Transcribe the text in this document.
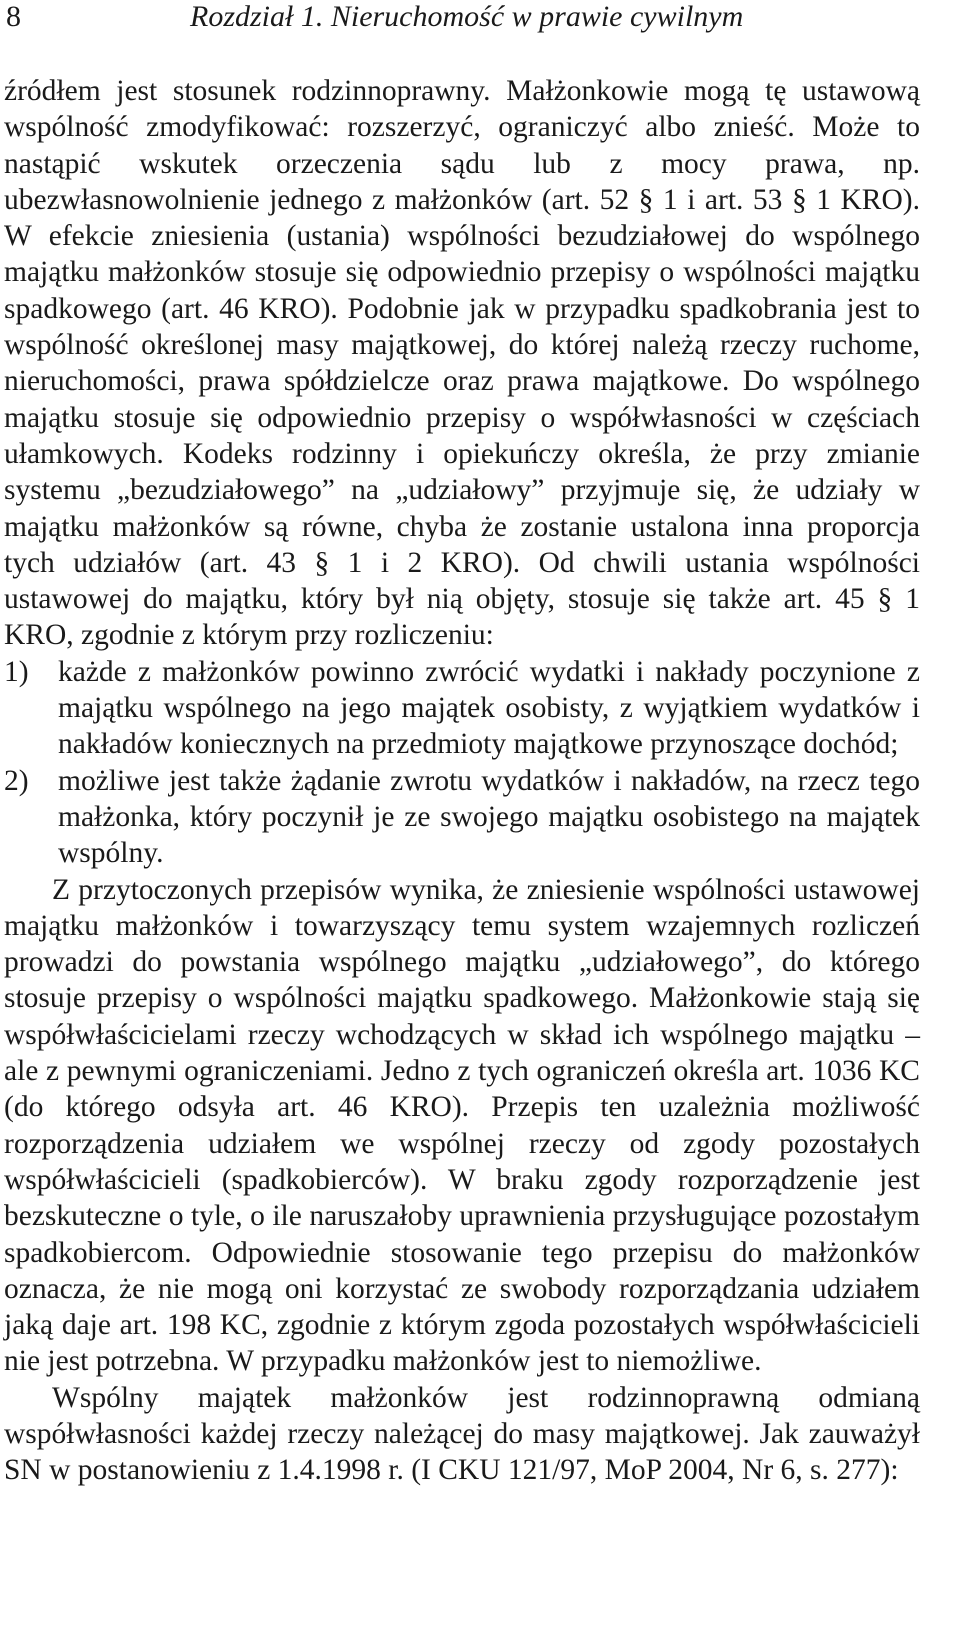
8	Rozdział 1. Nieruchomość w prawie cywilnym

źródłem jest stosunek rodzinnoprawny. Małżonkowie mogą tę ustawową wspólność zmodyfikować: rozszerzyć, ograniczyć albo znieść. Może to nastąpić wskutek orzeczenia sądu lub z mocy prawa, np. ubezwłasnowolnienie jednego z małżonków (art. 52 § 1 i art. 53 § 1 KRO). W efekcie zniesienia (ustania) wspólności bezudziałowej do wspólnego majątku małżonków stosuje się odpowiednio przepisy o wspólności majątku spadkowego (art. 46 KRO). Podobnie jak w przypadku spadkobrania jest to wspólność określonej masy majątkowej, do której należą rzeczy ruchome, nieruchomości, prawa spółdzielcze oraz prawa majątkowe. Do wspólnego majątku stosuje się odpowiednio przepisy o współwłasności w częściach ułamkowych. Kodeks rodzinny i opiekuńczy określa, że przy zmianie systemu „bezudziałowego” na „udziałowy” przyjmuje się, że udziały w majątku małżonków są równe, chyba że zostanie ustalona inna proporcja tych udziałów (art. 43 § 1 i 2 KRO). Od chwili ustania wspólności ustawowej do majątku, który był nią objęty, stosuje się także art. 45 § 1 KRO, zgodnie z którym przy rozliczeniu:

1) każde z małżonków powinno zwrócić wydatki i nakłady poczynione z majątku wspólnego na jego majątek osobisty, z wyjątkiem wydatków i nakładów koniecznych na przedmioty majątkowe przynoszące dochód;
2) możliwe jest także żądanie zwrotu wydatków i nakładów, na rzecz tego małżonka, który poczynił je ze swojego majątku osobistego na majątek wspólny.

Z przytoczonych przepisów wynika, że zniesienie wspólności ustawowej majątku małżonków i towarzyszący temu system wzajemnych rozliczeń prowadzi do powstania wspólnego majątku „udziałowego”, do którego stosuje przepisy o wspólności majątku spadkowego. Małżonkowie stają się współwłaścicielami rzeczy wchodzących w skład ich wspólnego majątku – ale z pewnymi ograniczeniami. Jedno z tych ograniczeń określa art. 1036 KC (do którego odsyła art. 46 KRO). Przepis ten uzależnia możliwość rozporządzenia udziałem we wspólnej rzeczy od zgody pozostałych współwłaścicieli (spadkobierców). W braku zgody rozporządzenie jest bezskuteczne o tyle, o ile naruszałoby uprawnienia przysługujące pozostałym spadkobiercom. Odpowiednie stosowanie tego przepisu do małżonków oznacza, że nie mogą oni korzystać ze swobody rozporządzania udziałem jaką daje art. 198 KC, zgodnie z którym zgoda pozostałych współwłaścicieli nie jest potrzebna. W przypadku małżonków jest to niemożliwe.

Wspólny majątek małżonków jest rodzinnoprawną odmianą współwłasności każdej rzeczy należącej do masy majątkowej. Jak zauważył SN w postanowieniu z 1.4.1998 r. (I CKU 121/97, MoP 2004, Nr 6, s. 277):
